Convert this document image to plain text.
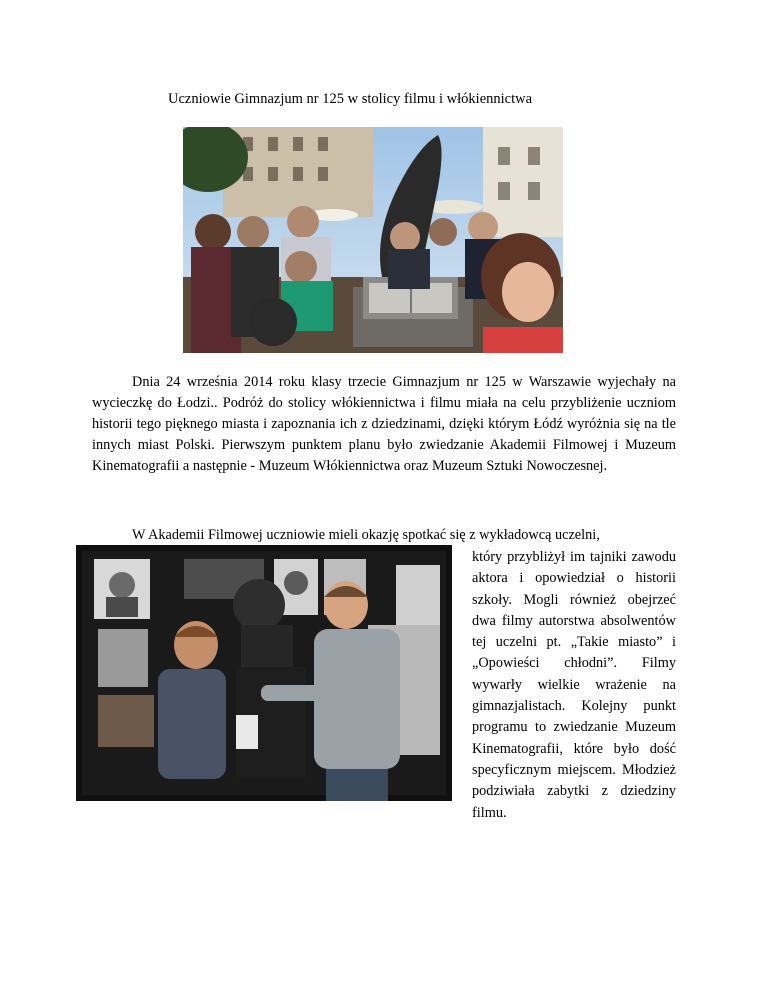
Uczniowie Gimnazjum nr 125 w stolicy filmu i włókiennictwa

Dnia 24 września 2014 roku klasy trzecie Gimnazjum nr 125 w Warszawie wyjechały na wycieczkę do Łodzi.. Podróż do stolicy włókiennictwa i filmu miała na celu przybliżenie uczniom historii tego pięknego miasta i zapoznania ich z dziedzinami, dzięki którym Łódź wyróżnia się na tle innych miast Polski. Pierwszym punktem planu było zwiedzanie Akademii Filmowej i Muzeum Kinematografii a następnie - Muzeum Włókiennictwa oraz Muzeum Sztuki Nowoczesnej.

W Akademii Filmowej uczniowie mieli okazję spotkać się z wykładowcą uczelni,
który przybliżył im tajniki zawodu aktora i opowiedział o historii szkoły. Mogli również obejrzeć dwa filmy autorstwa absolwentów tej uczelni pt. „Takie miasto” i „Opowieści chłodni”. Filmy wywarły wielkie wrażenie na gimnazjalistach. Kolejny punkt programu to zwiedzanie Muzeum Kinematografii, które było dość specyficznym miejscem. Młodzież podziwiała zabytki z dziedziny filmu.
